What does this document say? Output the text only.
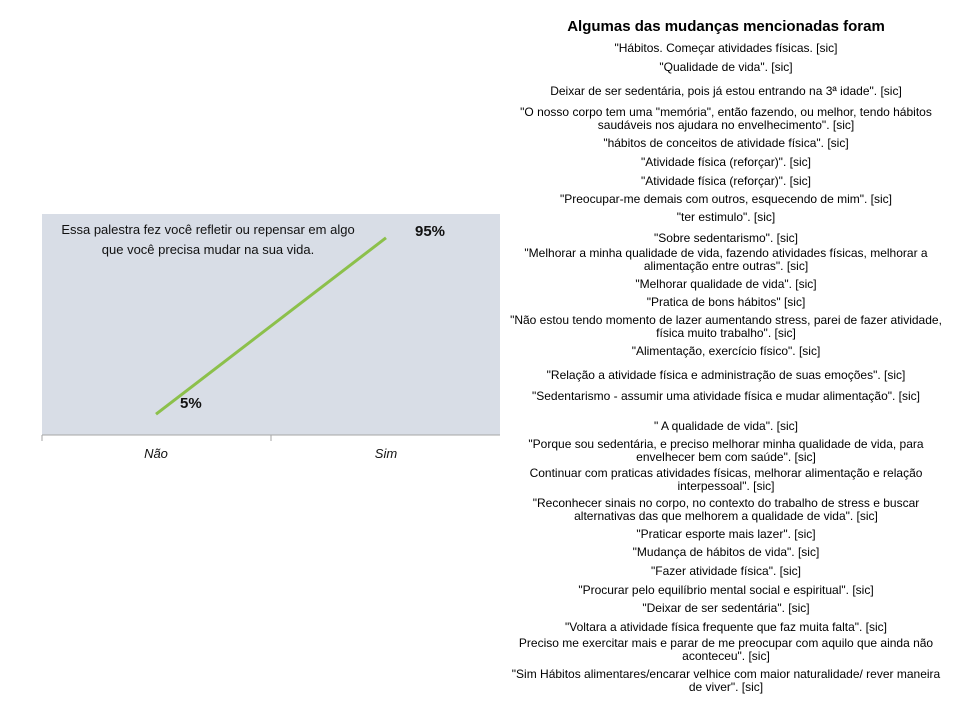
Não	Sim
5%
95%
Essa palestra fez você refletir ou repensar em algo que você precisa mudar na sua vida.
Algumas das mudanças mencionadas foram
"Hábitos. Começar atividades físicas. [sic]
"Qualidade de vida". [sic]
Deixar de ser sedentária, pois já estou entrando na 3ª idade". [sic]
"O nosso corpo tem uma "memória", então fazendo, ou melhor, tendo hábitos saudáveis nos ajudara no envelhecimento". [sic]
"hábitos de conceitos de atividade física". [sic]
"Atividade física (reforçar)". [sic]
"Atividade física (reforçar)". [sic]
"Preocupar-me demais com outros, esquecendo de mim". [sic]
"ter estimulo". [sic]
"Sobre sedentarismo". [sic]
"Melhorar a minha qualidade de vida, fazendo atividades físicas, melhorar a alimentação entre outras". [sic]
"Melhorar qualidade de vida". [sic]
"Pratica de bons hábitos" [sic]
"Não estou tendo momento de lazer aumentando stress, parei de fazer atividade, física muito trabalho". [sic]
"Alimentação, exercício físico". [sic]
"Relação a atividade física e administração de suas emoções". [sic]
"Sedentarismo - assumir uma atividade física e mudar alimentação". [sic]
" A qualidade de vida". [sic]
"Porque sou sedentária, e preciso melhorar minha qualidade de vida, para envelhecer bem com saúde". [sic]
Continuar com praticas atividades físicas, melhorar alimentação e relação interpessoal". [sic]
"Reconhecer sinais no corpo, no contexto do trabalho de stress e buscar alternativas das que melhorem a qualidade de vida". [sic]
"Praticar esporte mais lazer". [sic]
"Mudança de hábitos de vida". [sic]
"Fazer atividade física". [sic]
"Procurar pelo equilíbrio mental social e espiritual". [sic]
"Deixar de ser sedentária". [sic]
"Voltara a atividade física frequente que faz muita falta". [sic]
Preciso me exercitar mais e parar de me preocupar com aquilo que ainda não aconteceu". [sic]
"Sim Hábitos alimentares/encarar velhice com maior naturalidade/ rever maneira de viver". [sic]
